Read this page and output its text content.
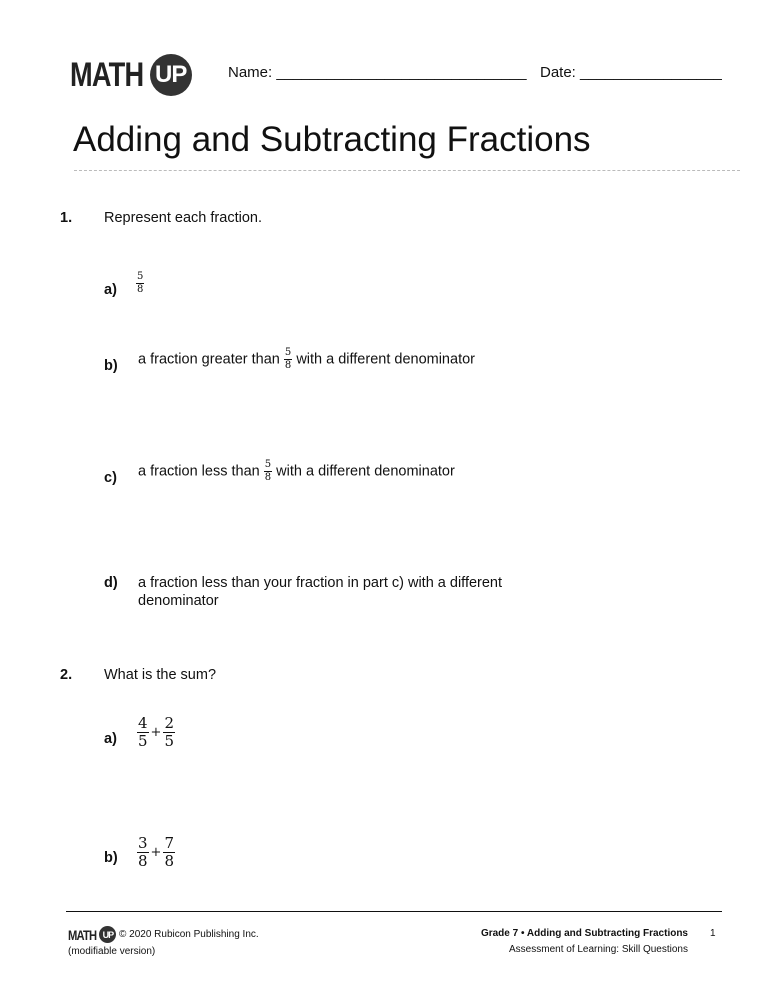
MATH UP	Name: ______________________________ Date: _________________
Adding and Subtracting Fractions
1. Represent each fraction.
$a) \frac{5}{8}$
b) a fraction greater than $\frac{5}{8}$ with a different denominator
c) a fraction less than $\frac{5}{8}$ with a different denominator
d) a fraction less than your fraction in part c) with a different
denominator
2. What is the sum?
$a) \frac{4}{5} + \frac{2}{5}$
$b) \frac{3}{8} + \frac{7}{8}$
MATH UP © 2020 Rubicon Publishing Inc.
(modifiable version)
Grade 7 • Adding and Subtracting Fractions
Assessment of Learning: Skill Questions
1
